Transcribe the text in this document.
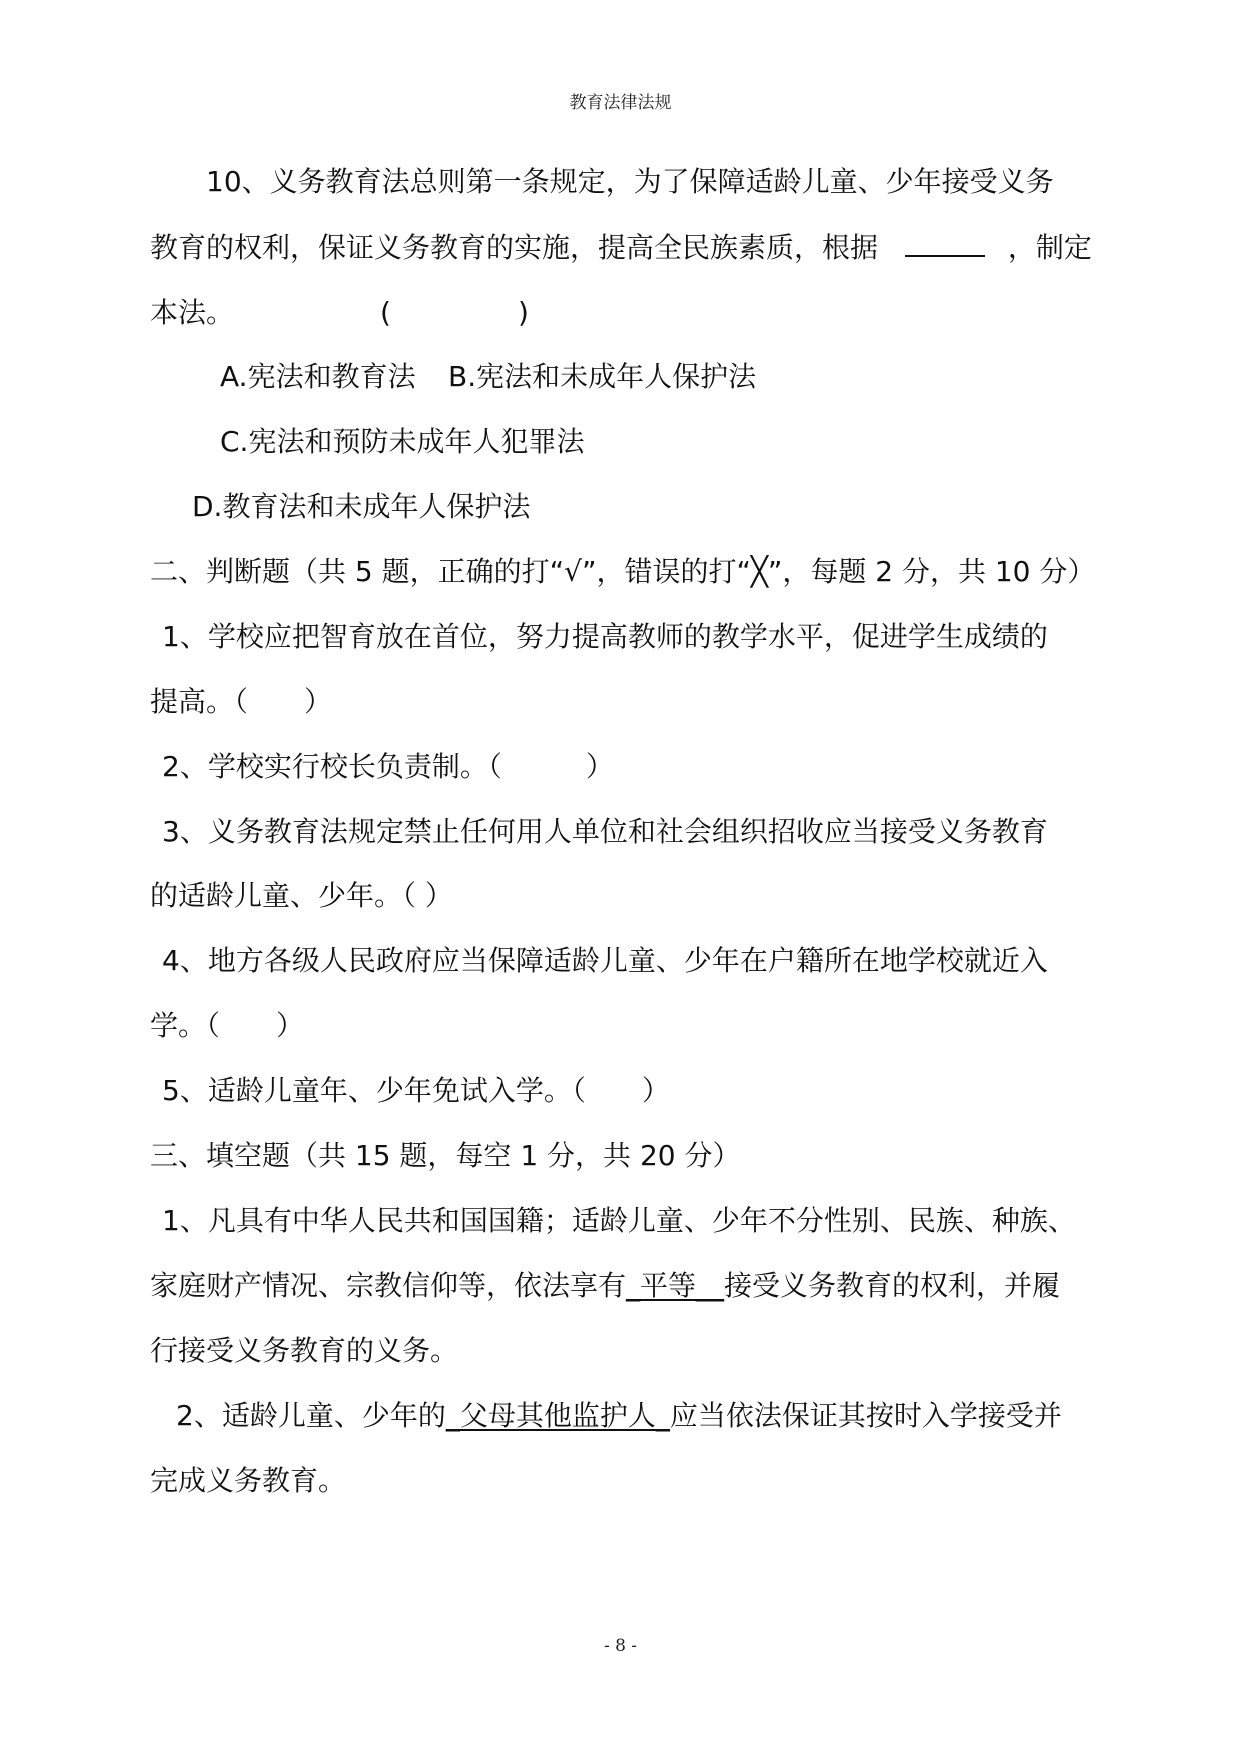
教育法律法规
10、义务教育法总则第一条规定，为了保障适龄儿童、少年接受义务
教育的权利，保证义务教育的实施，提高全民族素质，根据	，制定
本法。	(	)
A.宪法和教育法 B.宪法和未成年人保护法
C.宪法和预防未成年人犯罪法
D.教育法和未成年人保护法
二、判断题（共 5 题，正确的打“√”，错误的打“╳”，每题 2 分，共 10 分）
1、学校应把智育放在首位，努力提高教师的教学水平，促进学生成绩的
提高。（　　）
2、学校实行校长负责制。（　　　）
3、义务教育法规定禁止任何用人单位和社会组织招收应当接受义务教育
的适龄儿童、少年。（ ）
4、地方各级人民政府应当保障适龄儿童、少年在户籍所在地学校就近入
学。（　　）
5、适龄儿童年、少年免试入学。（　　）
三、填空题（共 15 题，每空 1 分，共 20 分）
1、凡具有中华人民共和国国籍；适龄儿童、少年不分性别、民族、种族、
家庭财产情况、宗教信仰等，依法享有_平等__接受义务教育的权利，并履
行接受义务教育的义务。
2、适龄儿童、少年的_父母其他监护人_应当依法保证其按时入学接受并
完成义务教育。
- 8 -
